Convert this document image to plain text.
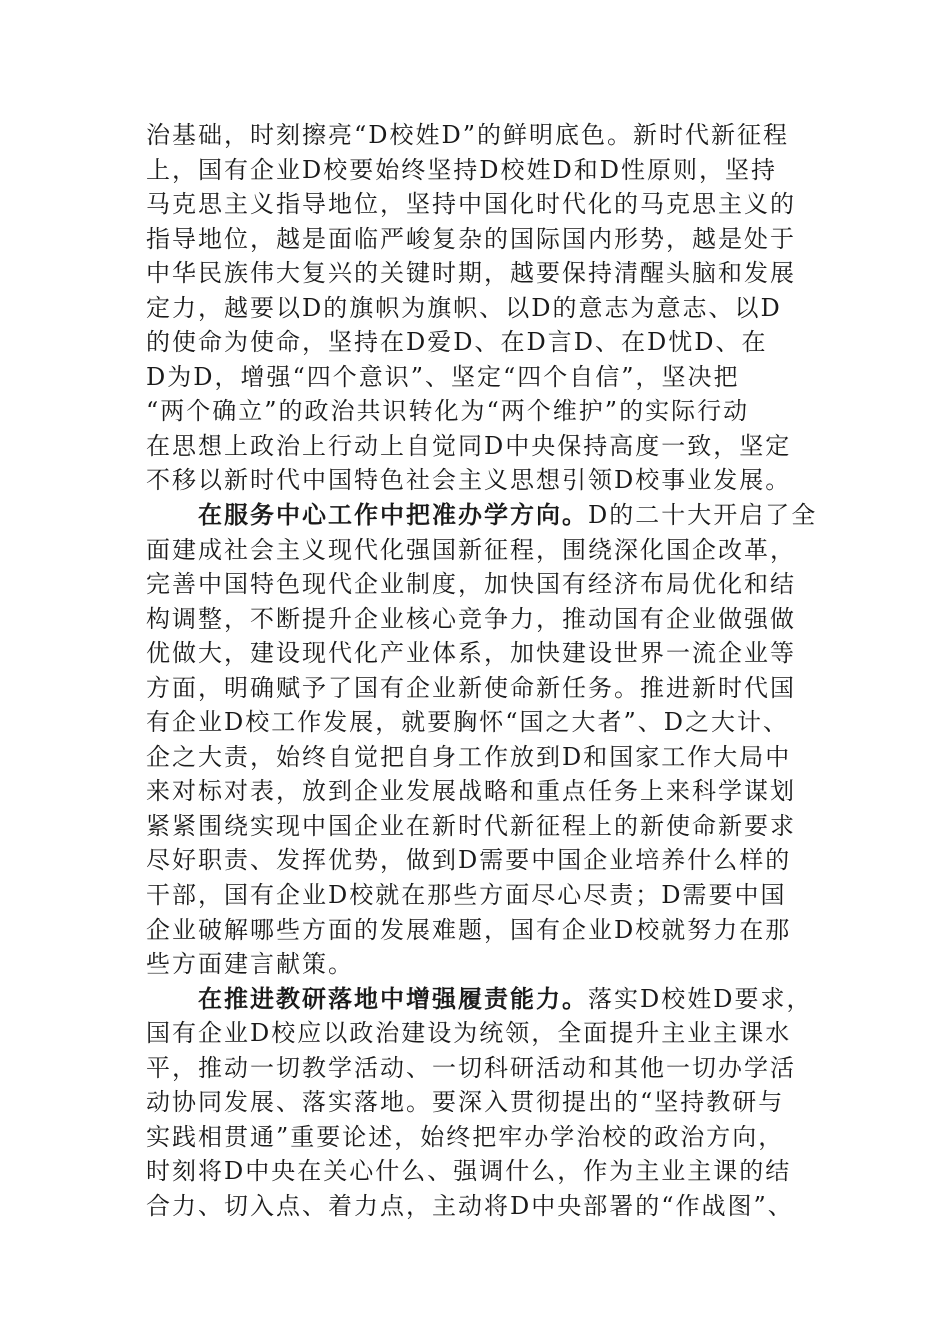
治基础，时刻擦亮“D校姓D”的鲜明底色。新时代新征程
上，国有企业D校要始终坚持D校姓D和D性原则，坚持
马克思主义指导地位，坚持中国化时代化的马克思主义的
指导地位，越是面临严峻复杂的国际国内形势，越是处于
中华民族伟大复兴的关键时期，越要保持清醒头脑和发展
定力，越要以D的旗帜为旗帜、以D的意志为意志、以D
的使命为使命，坚持在D爱D、在D言D、在D忧D、在
D为D，增强“四个意识”、坚定“四个自信”，坚决把
“两个确立”的政治共识转化为“两个维护”的实际行动
在思想上政治上行动上自觉同D中央保持高度一致，坚定
不移以新时代中国特色社会主义思想引领D校事业发展。
在服务中心工作中把准办学方向。D的二十大开启了全
面建成社会主义现代化强国新征程，围绕深化国企改革，
完善中国特色现代企业制度，加快国有经济布局优化和结
构调整，不断提升企业核心竞争力，推动国有企业做强做
优做大，建设现代化产业体系，加快建设世界一流企业等
方面，明确赋予了国有企业新使命新任务。推进新时代国
有企业D校工作发展，就要胸怀“国之大者”、D之大计、
企之大责，始终自觉把自身工作放到D和国家工作大局中
来对标对表，放到企业发展战略和重点任务上来科学谋划
紧紧围绕实现中国企业在新时代新征程上的新使命新要求
尽好职责、发挥优势，做到D需要中国企业培养什么样的
干部，国有企业D校就在那些方面尽心尽责；D需要中国
企业破解哪些方面的发展难题，国有企业D校就努力在那
些方面建言献策。
在推进教研落地中增强履责能力。落实D校姓D要求，
国有企业D校应以政治建设为统领，全面提升主业主课水
平，推动一切教学活动、一切科研活动和其他一切办学活
动协同发展、落实落地。要深入贯彻提出的“坚持教研与
实践相贯通”重要论述，始终把牢办学治校的政治方向，
时刻将D中央在关心什么、强调什么，作为主业主课的结
合力、切入点、着力点，主动将D中央部署的“作战图”、
